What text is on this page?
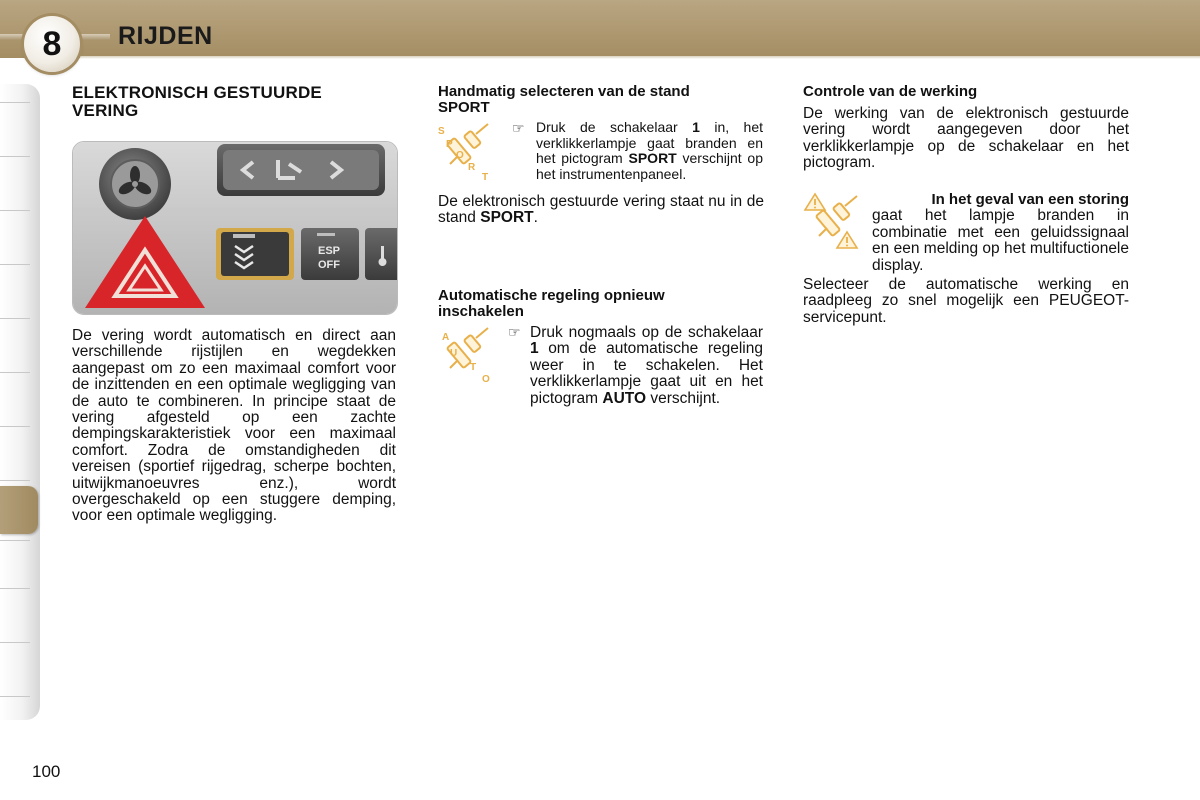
8	RIJDEN

ELEKTRONISCH GESTUURDE

VERING

ESP
OFF

De vering wordt automatisch en direct aan verschillende rijstijlen en wegdekken aangepast om zo een maximaal comfort voor de inzittenden en een optimale wegligging van de auto te combineren. In principe staat de vering afgesteld op een zachte dempingskarakteristiek voor een maximaal comfort. Zodra de omstandigheden dit vereisen (sportief rijgedrag, scherpe bochten, uitwijkmanoeuvres enz.), wordt overgeschakeld op een stuggere demping, voor een optimale wegligging.

Handmatig selecteren van de stand

SPORT

S
P
O
R
T
☞ Druk de schakelaar 1 in, het verklikkerlampje gaat branden en het pictogram SPORT verschijnt op het instrumentenpaneel.

De elektronisch gestuurde vering staat nu in de stand SPORT.

Automatische regeling opnieuw

inschakelen

A
U
T
O
☞ Druk nogmaals op de schakelaar 1 om de automatische regeling weer in te schakelen. Het verklikkerlampje gaat uit en het pictogram AUTO verschijnt.

Controle van de werking

De werking van de elektronisch gestuurde vering wordt aangegeven door het verklikkerlampje op de schakelaar en het pictogram.

In het geval van een storing

gaat het lampje branden in combinatie met een geluidssignaal en een melding op het multifuctionele display.

Selecteer de automatische werking en raadpleeg zo snel mogelijk een PEUGEOT-servicepunt.

100
